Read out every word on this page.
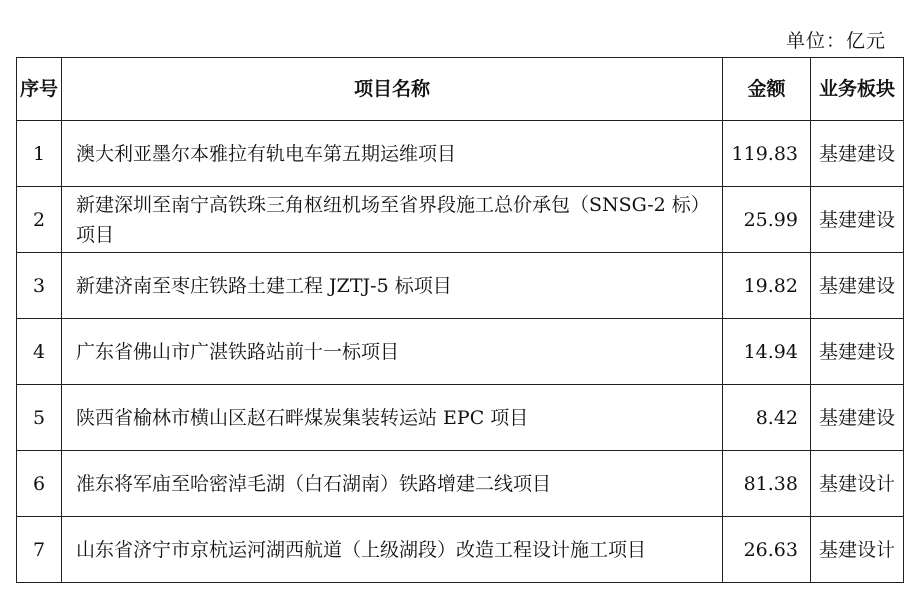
单位：亿元
序号	项目名称	金额	业务板块
1	澳大利亚墨尔本雅拉有轨电车第五期运维项目	119.83	基建建设
2	新建深圳至南宁高铁珠三角枢纽机场至省界段施工总价承包（SNSG-2 标）项目	25.99	基建建设
3	新建济南至枣庄铁路土建工程 JZTJ-5 标项目	19.82	基建建设
4	广东省佛山市广湛铁路站前十一标项目	14.94	基建建设
5	陕西省榆林市横山区赵石畔煤炭集装转运站 EPC 项目	8.42	基建建设
6	准东将军庙至哈密淖毛湖（白石湖南）铁路增建二线项目	81.38	基建设计
7	山东省济宁市京杭运河湖西航道（上级湖段）改造工程设计施工项目	26.63	基建设计
